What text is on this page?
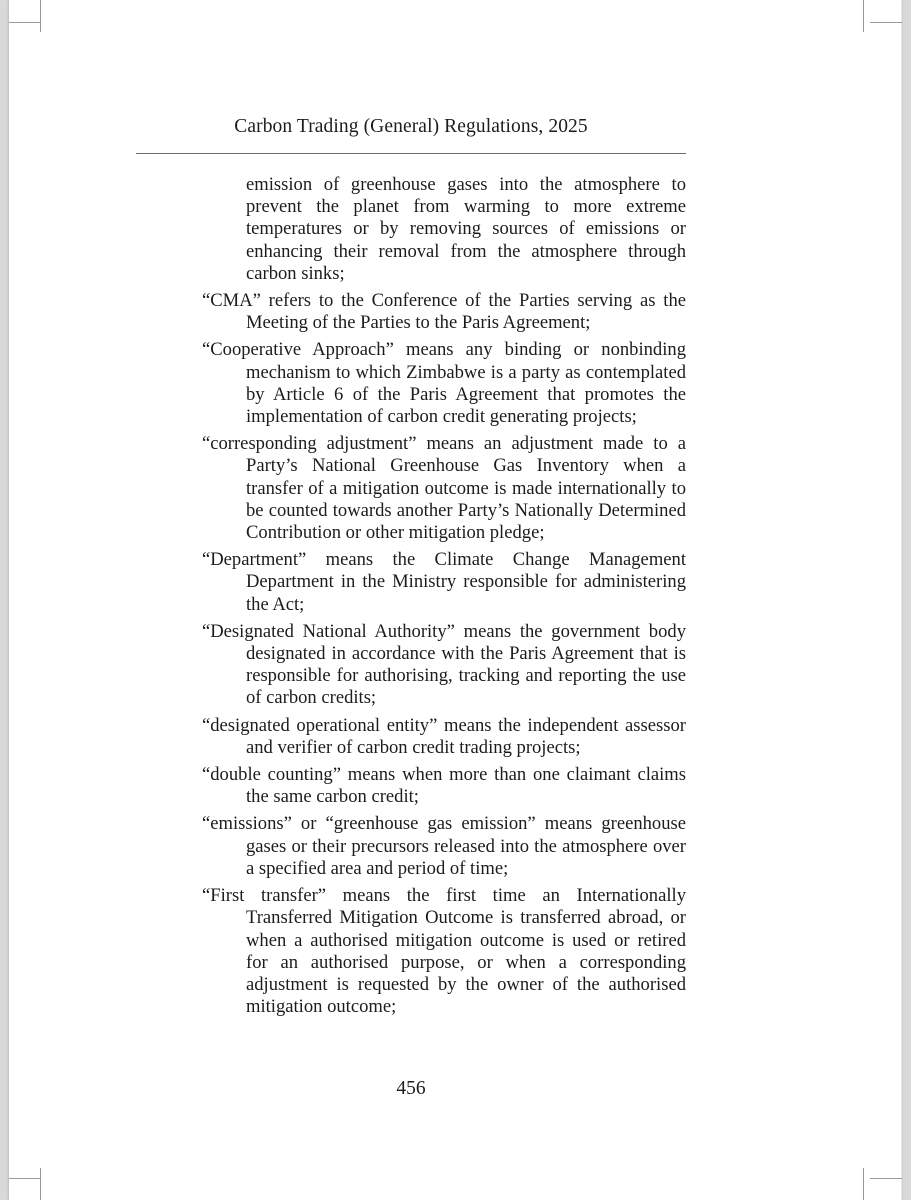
Carbon Trading (General) Regulations, 2025

emission of greenhouse gases into the atmosphere to prevent the planet from warming to more extreme temperatures or by removing sources of emissions or enhancing their removal from the atmosphere through carbon sinks;

“CMA” refers to the Conference of the Parties serving as the Meeting of the Parties to the Paris Agreement;

“Cooperative Approach” means any binding or nonbinding mechanism to which Zimbabwe is a party as contemplated by Article 6 of the Paris Agreement that promotes the implementation of carbon credit generating projects;

“corresponding adjustment” means an adjustment made to a Party’s National Greenhouse Gas Inventory when a transfer of a mitigation outcome is made internationally to be counted towards another Party’s Nationally Determined Contribution or other mitigation pledge;

“Department” means the Climate Change Management Department in the Ministry responsible for administering the Act;

“Designated National Authority” means the government body designated in accordance with the Paris Agreement that is responsible for authorising, tracking and reporting the use of carbon credits;

“designated operational entity” means the independent assessor and verifier of carbon credit trading projects;

“double counting” means when more than one claimant claims the same carbon credit;

“emissions” or “greenhouse gas emission” means greenhouse gases or their precursors released into the atmosphere over a specified area and period of time;

“First transfer” means the first time an Internationally Transferred Mitigation Outcome is transferred abroad, or when a authorised mitigation outcome is used or retired for an authorised purpose, or when a corresponding adjustment is requested by the owner of the authorised mitigation outcome;

456
